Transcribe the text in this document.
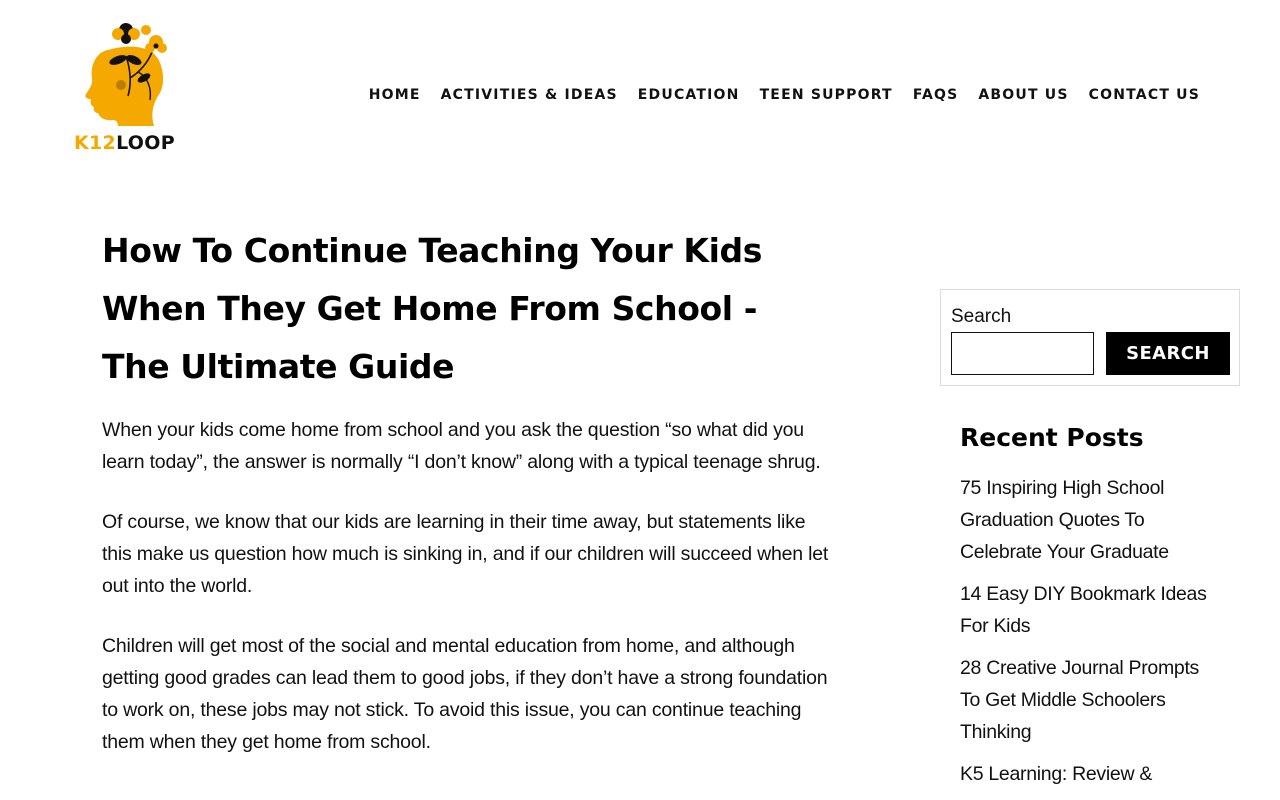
K12LOOP
HOME ACTIVITIES & IDEAS EDUCATION TEEN SUPPORT FAQS ABOUT US CONTACT US
How To Continue Teaching Your Kids When They Get Home From School - The Ultimate Guide

When your kids come home from school and you ask the question “so what did you learn today”, the answer is normally “I don’t know” along with a typical teenage shrug.

Of course, we know that our kids are learning in their time away, but statements like this make us question how much is sinking in, and if our children will succeed when let out into the world.

Children will get most of the social and mental education from home, and although getting good grades can lead them to good jobs, if they don’t have a strong foundation to work on, these jobs may not stick. To avoid this issue, you can continue teaching them when they get home from school.

Search
SEARCH
Recent Posts
75 Inspiring High School Graduation Quotes To Celebrate Your Graduate
14 Easy DIY Bookmark Ideas For Kids
28 Creative Journal Prompts To Get Middle Schoolers Thinking
K5 Learning: Review &
